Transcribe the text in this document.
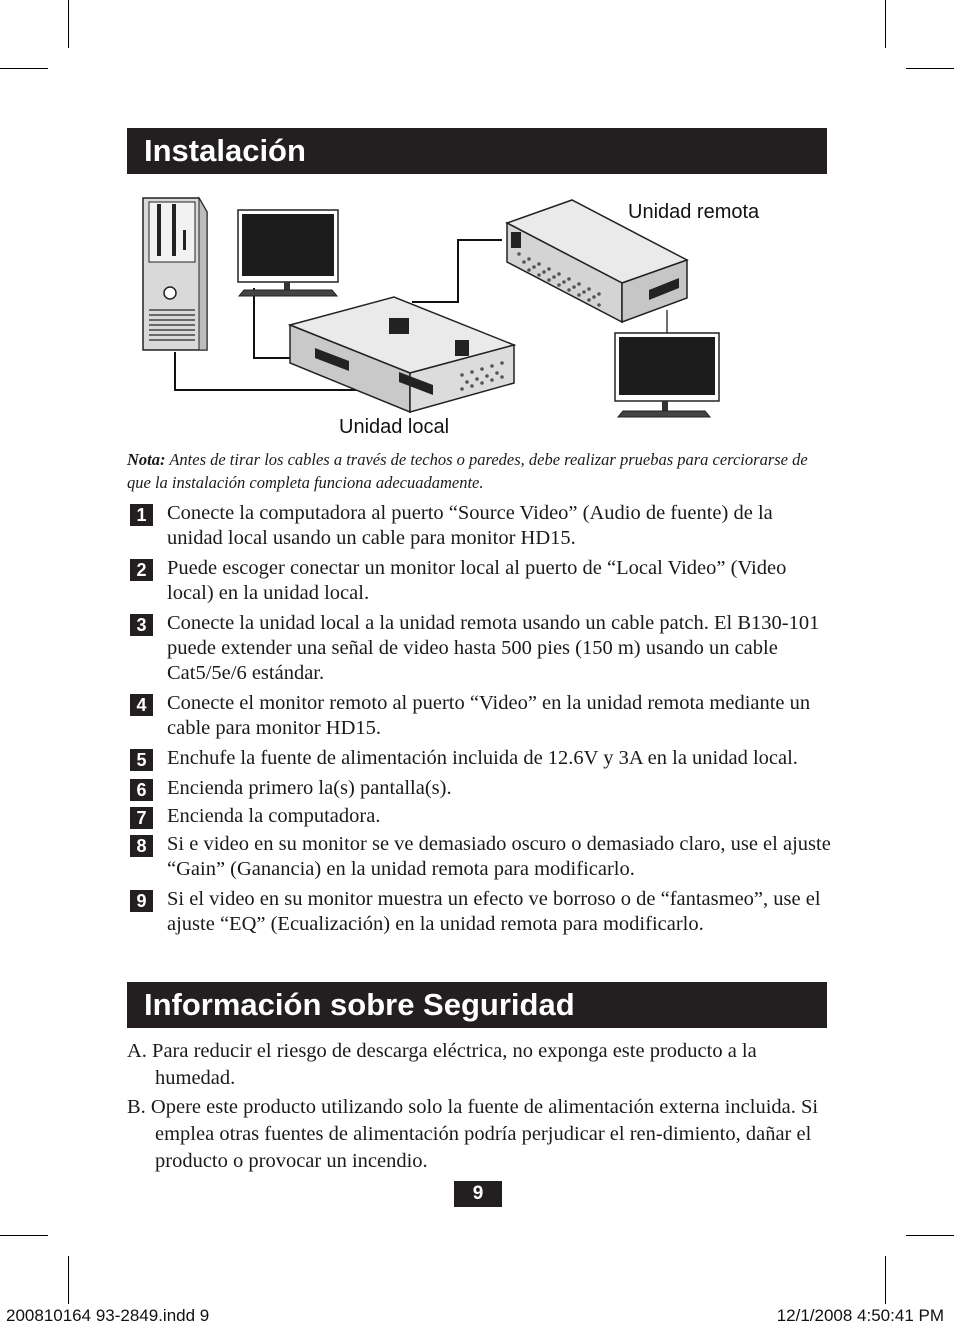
Instalación
Unidad remota
Unidad local
Nota: Antes de tirar los cables a través de techos o paredes, debe realizar pruebas para cerciorarse de que la instalación completa funciona adecuadamente.
1	Conecte la computadora al puerto “Source Video” (Audio de fuente) de la unidad local usando un cable para monitor HD15.
2	Puede escoger conectar un monitor local al puerto de “Local Video” (Video local) en la unidad local.
3	Conecte la unidad local a la unidad remota usando un cable patch. El B130-101 puede extender una señal de video hasta 500 pies (150 m) usando un cable Cat5/5e/6 estándar.
4	Conecte el monitor remoto al puerto “Video” en la unidad remota mediante un cable para monitor HD15.
5	Enchufe la fuente de alimentación incluida de 12.6V y 3A en la unidad local.
6	Encienda primero la(s) pantalla(s).
7	Encienda la computadora.
8	Si e video en su monitor se ve demasiado oscuro o demasiado claro, use el ajuste “Gain” (Ganancia) en la unidad remota para modificarlo.
9	Si el video en su monitor muestra un efecto ve borroso o de “fantasmeo”, use el ajuste “EQ” (Ecualización) en la unidad remota para modificarlo.
Información sobre Seguridad
A. Para reducir el riesgo de descarga eléctrica, no exponga este producto a la humedad.
B. Opere este producto utilizando solo la fuente de alimentación externa incluida. Si emplea otras fuentes de alimentación podría perjudicar el ren-dimiento, dañar el producto o provocar un incendio.
9
200810164 93-2849.indd 9	12/1/2008 4:50:41 PM
